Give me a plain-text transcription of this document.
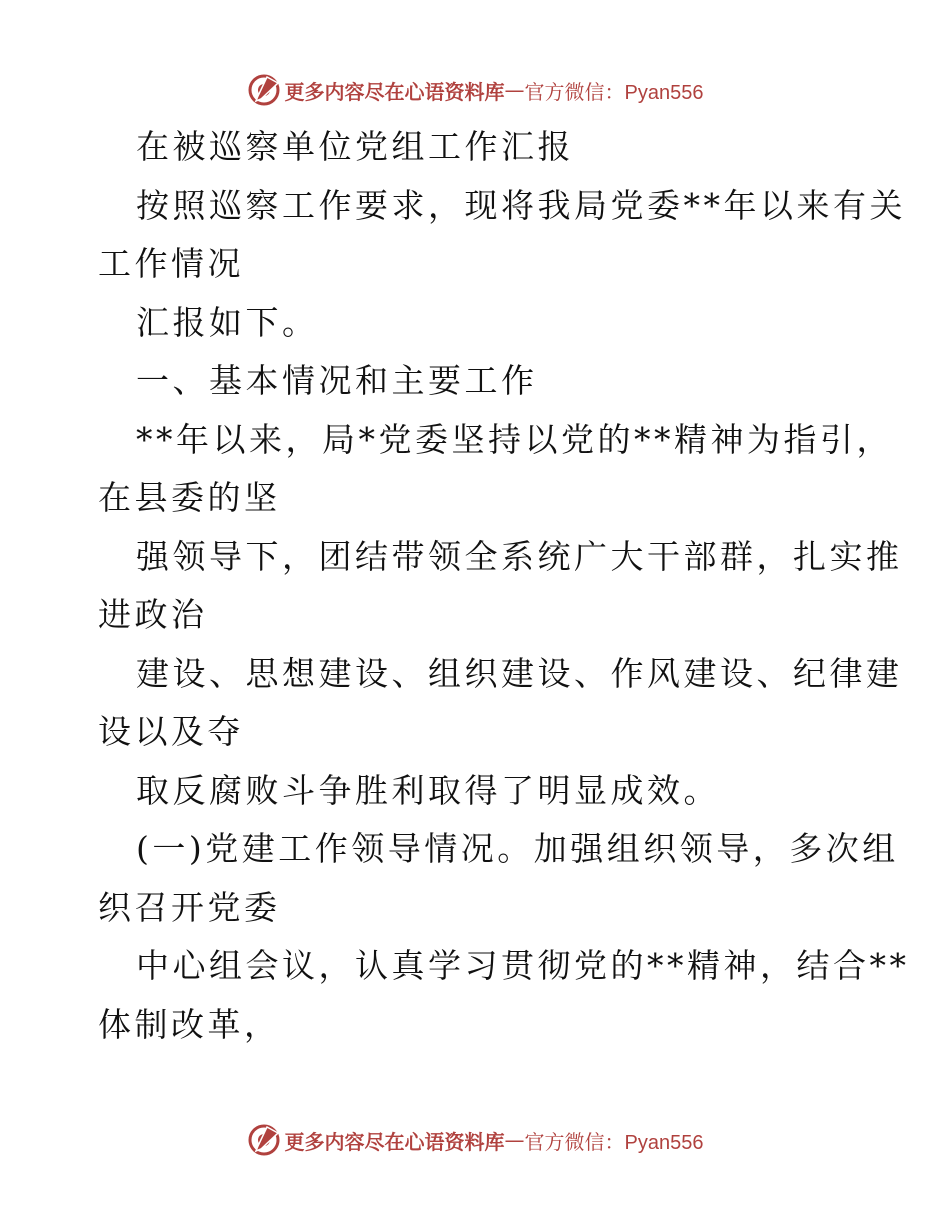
更多内容尽在心语资料库 — 官方微信：Pyan556
在被巡察单位党组工作汇报
按照巡察工作要求，现将我局党委**年以来有关
工作情况
汇报如下。
一、基本情况和主要工作
**年以来，局*党委坚持以党的**精神为指引，
在县委的坚
强领导下，团结带领全系统广大干部群，扎实推
进政治
建设、思想建设、组织建设、作风建设、纪律建
设以及夺
取反腐败斗争胜利取得了明显成效。
(一)党建工作领导情况。加强组织领导，多次组
织召开党委
中心组会议，认真学习贯彻党的**精神，结合**
体制改革，
更多内容尽在心语资料库 — 官方微信：Pyan556
